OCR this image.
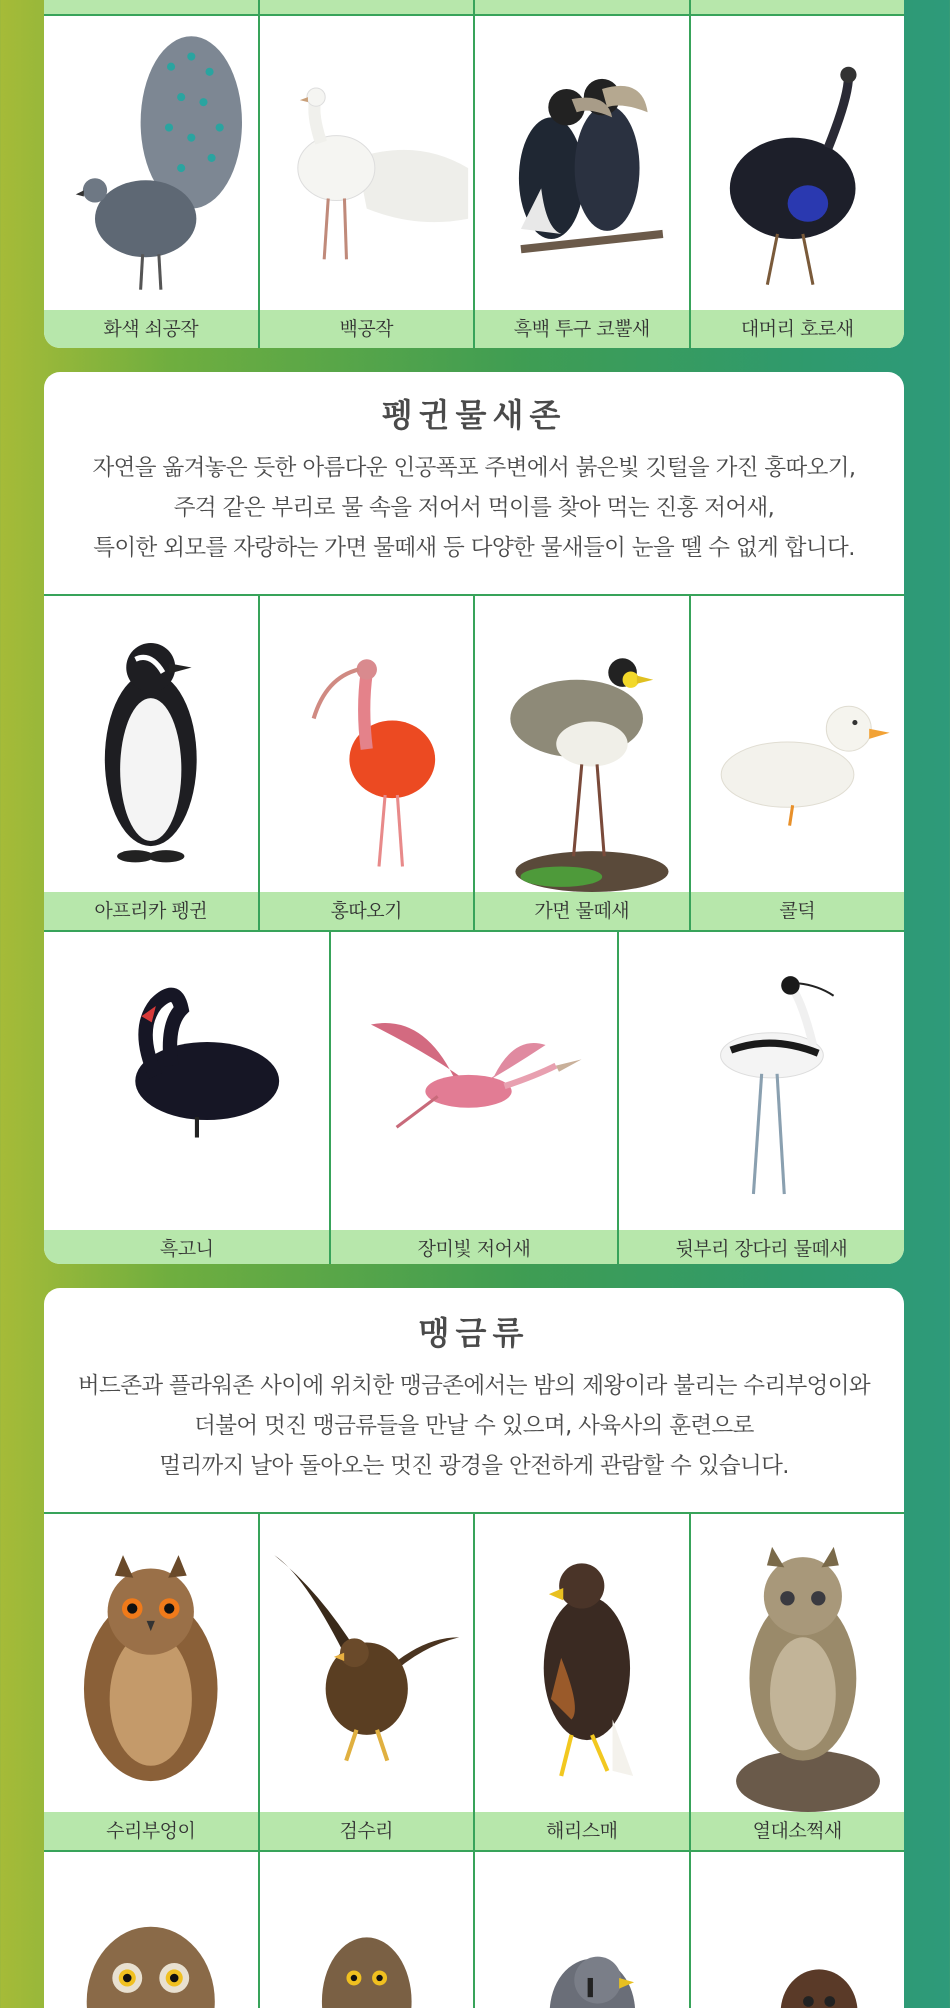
화색 쇠공작	백공작	흑백 투구 코뿔새	대머리 호로새
펭귄물새존

자연을 옮겨놓은 듯한 아름다운 인공폭포 주변에서 붉은빛 깃털을 가진 홍따오기,
주걱 같은 부리로 물 속을 저어서 먹이를 찾아 먹는 진홍 저어새,
특이한 외모를 자랑하는 가면 물떼새 등 다양한 물새들이 눈을 뗄 수 없게 합니다.

아프리카 펭귄	홍따오기	가면 물떼새	콜덕
흑고니	장미빛 저어새	뒷부리 장다리 물떼새
맹금류

버드존과 플라워존 사이에 위치한 맹금존에서는 밤의 제왕이라 불리는 수리부엉이와
더불어 멋진 맹금류들을 만날 수 있으며, 사육사의 훈련으로
멀리까지 날아 돌아오는 멋진 광경을 안전하게 관람할 수 있습니다.

수리부엉이	검수리	해리스매	열대소쩍새
